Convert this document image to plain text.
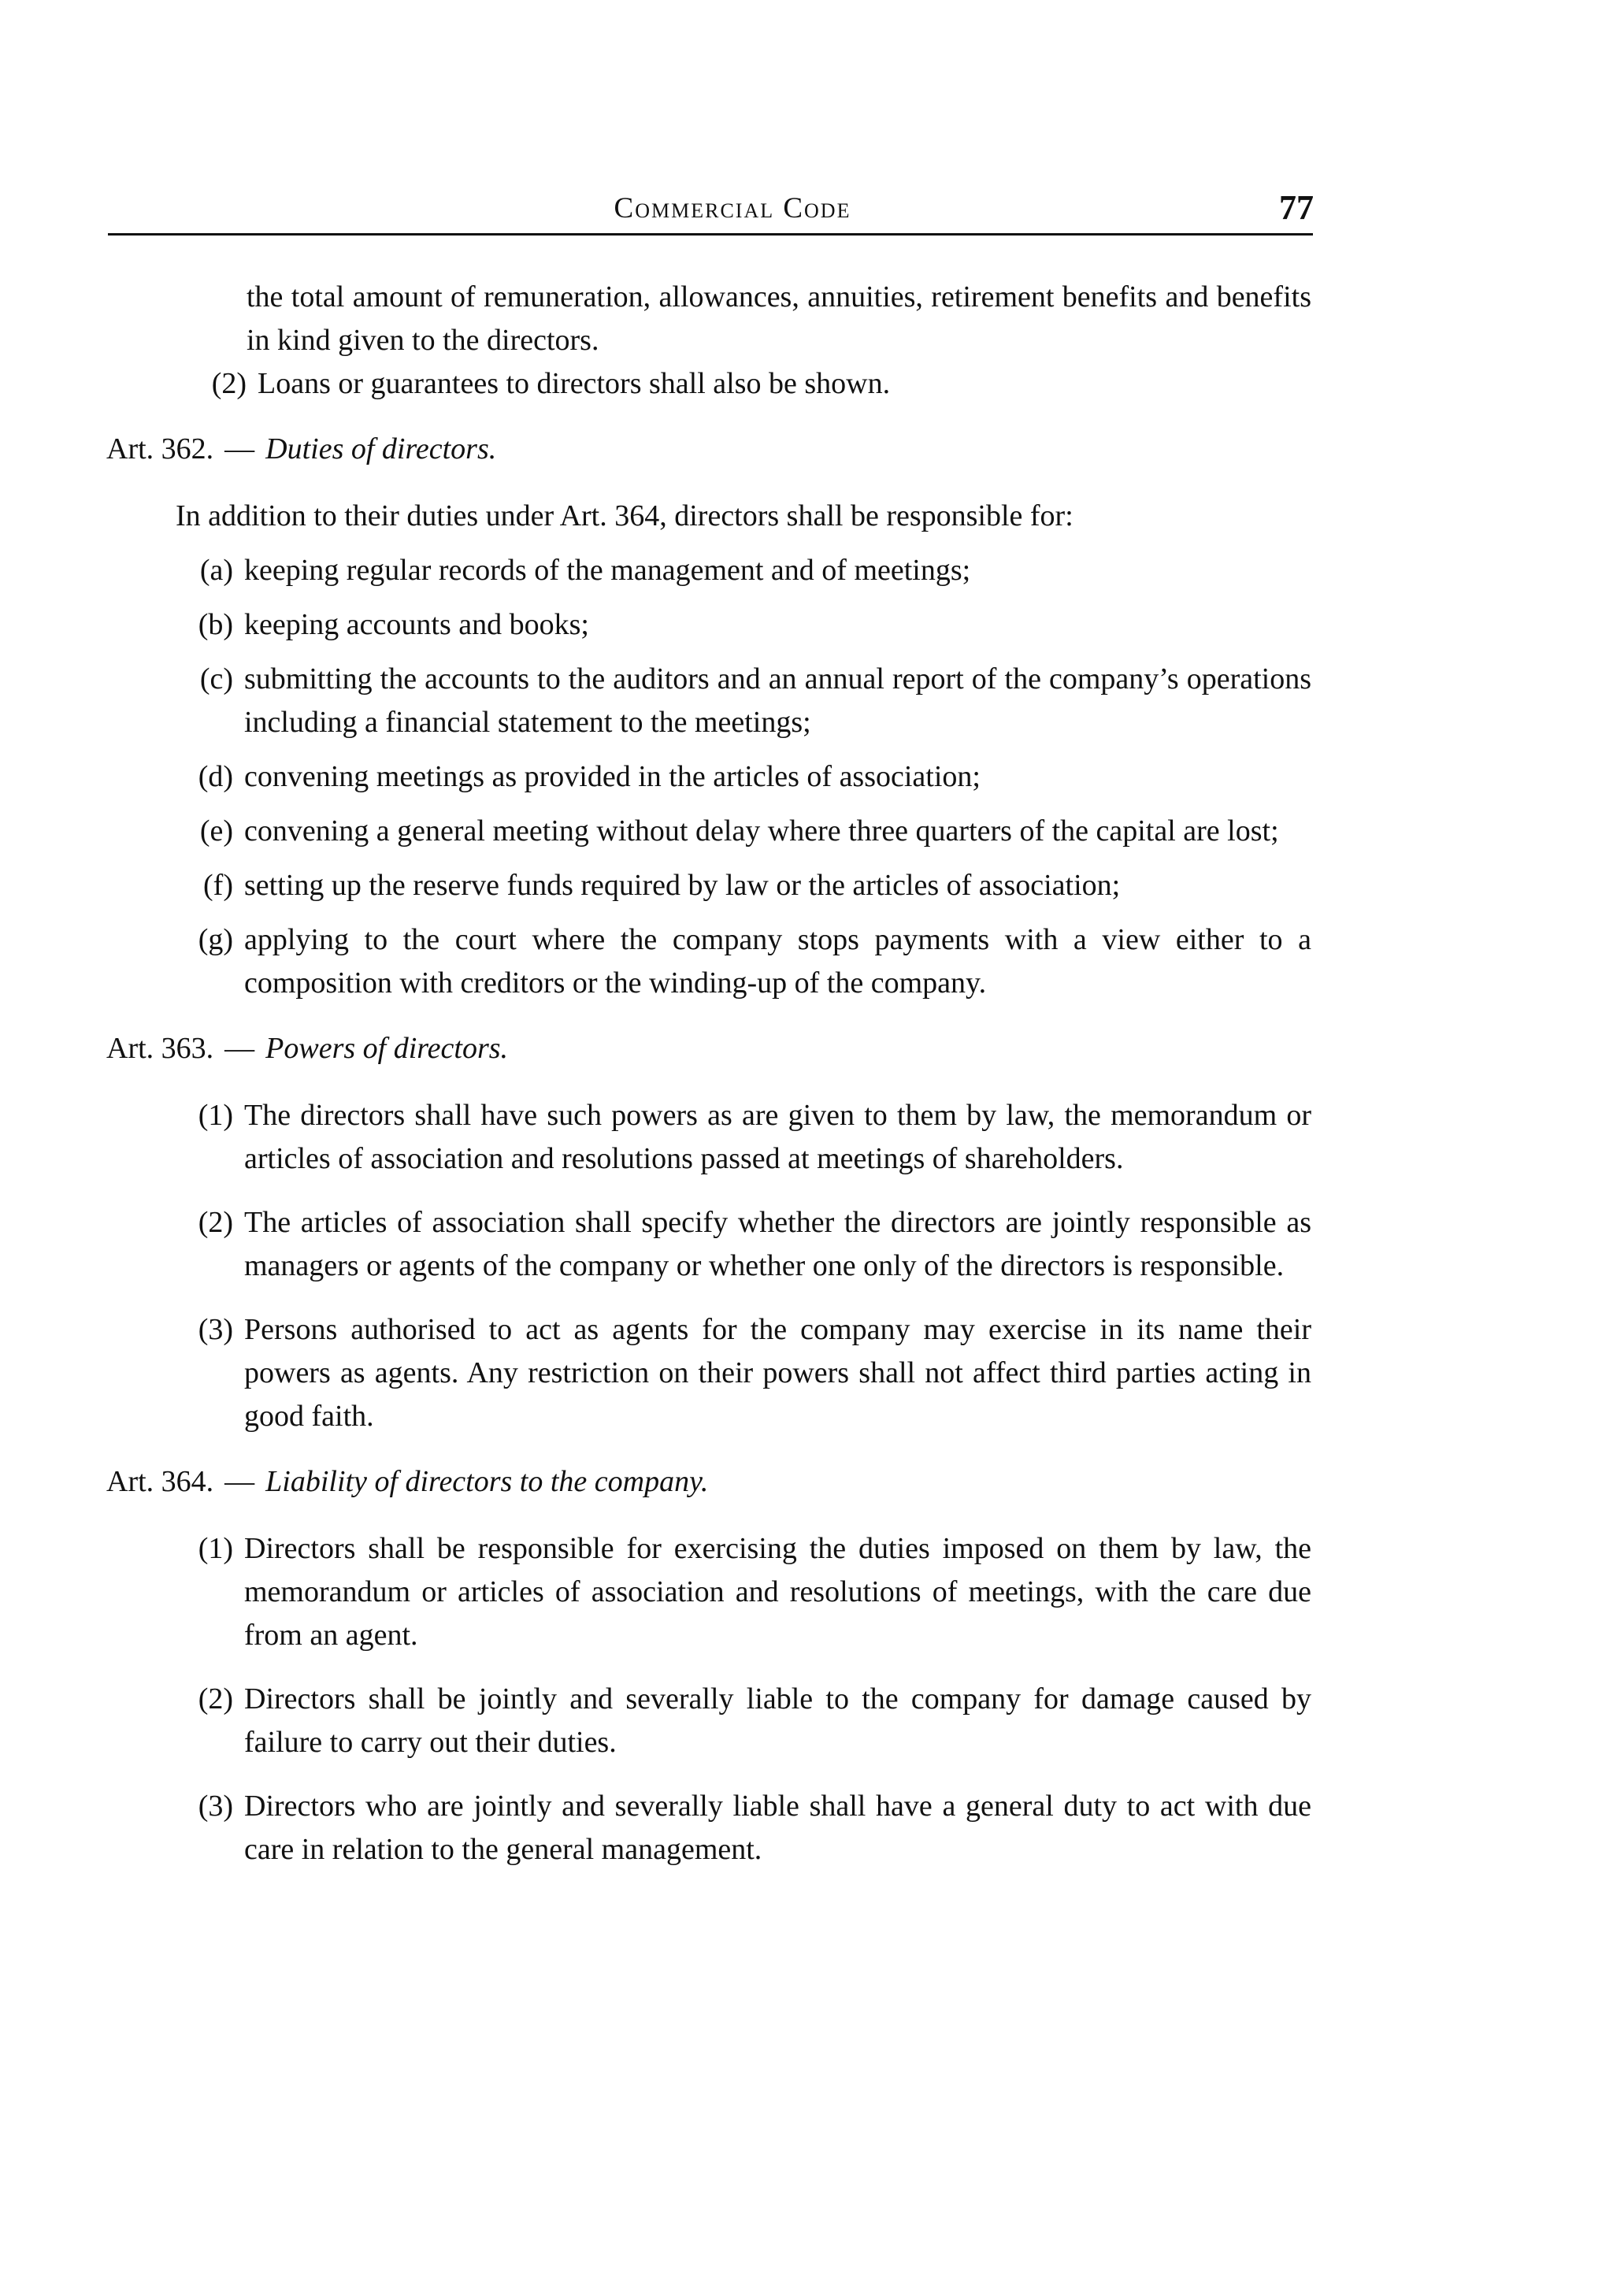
Commercial Code	77
the total amount of remuneration, allowances, annuities, retirement benefits and benefits in kind given to the directors.
(2) Loans or guarantees to directors shall also be shown.
Art. 362. — Duties of directors.
In addition to their duties under Art. 364, directors shall be responsible for:
(a) keeping regular records of the management and of meetings;
(b) keeping accounts and books;
(c) submitting the accounts to the auditors and an annual report of the company’s operations including a financial statement to the meetings;
(d) convening meetings as provided in the articles of association;
(e) convening a general meeting without delay where three quarters of the capital are lost;
(f) setting up the reserve funds required by law or the articles of association;
(g) applying to the court where the company stops payments with a view either to a composition with creditors or the winding-up of the company.
Art. 363. — Powers of directors.
(1) The directors shall have such powers as are given to them by law, the memorandum or articles of association and resolutions passed at meetings of shareholders.
(2) The articles of association shall specify whether the directors are jointly responsible as managers or agents of the company or whether one only of the directors is responsible.
(3) Persons authorised to act as agents for the company may exercise in its name their powers as agents. Any restriction on their powers shall not affect third parties acting in good faith.
Art. 364. — Liability of directors to the company.
(1) Directors shall be responsible for exercising the duties imposed on them by law, the memorandum or articles of association and resolutions of meetings, with the care due from an agent.
(2) Directors shall be jointly and severally liable to the company for damage caused by failure to carry out their duties.
(3) Directors who are jointly and severally liable shall have a general duty to act with due care in relation to the general management.
